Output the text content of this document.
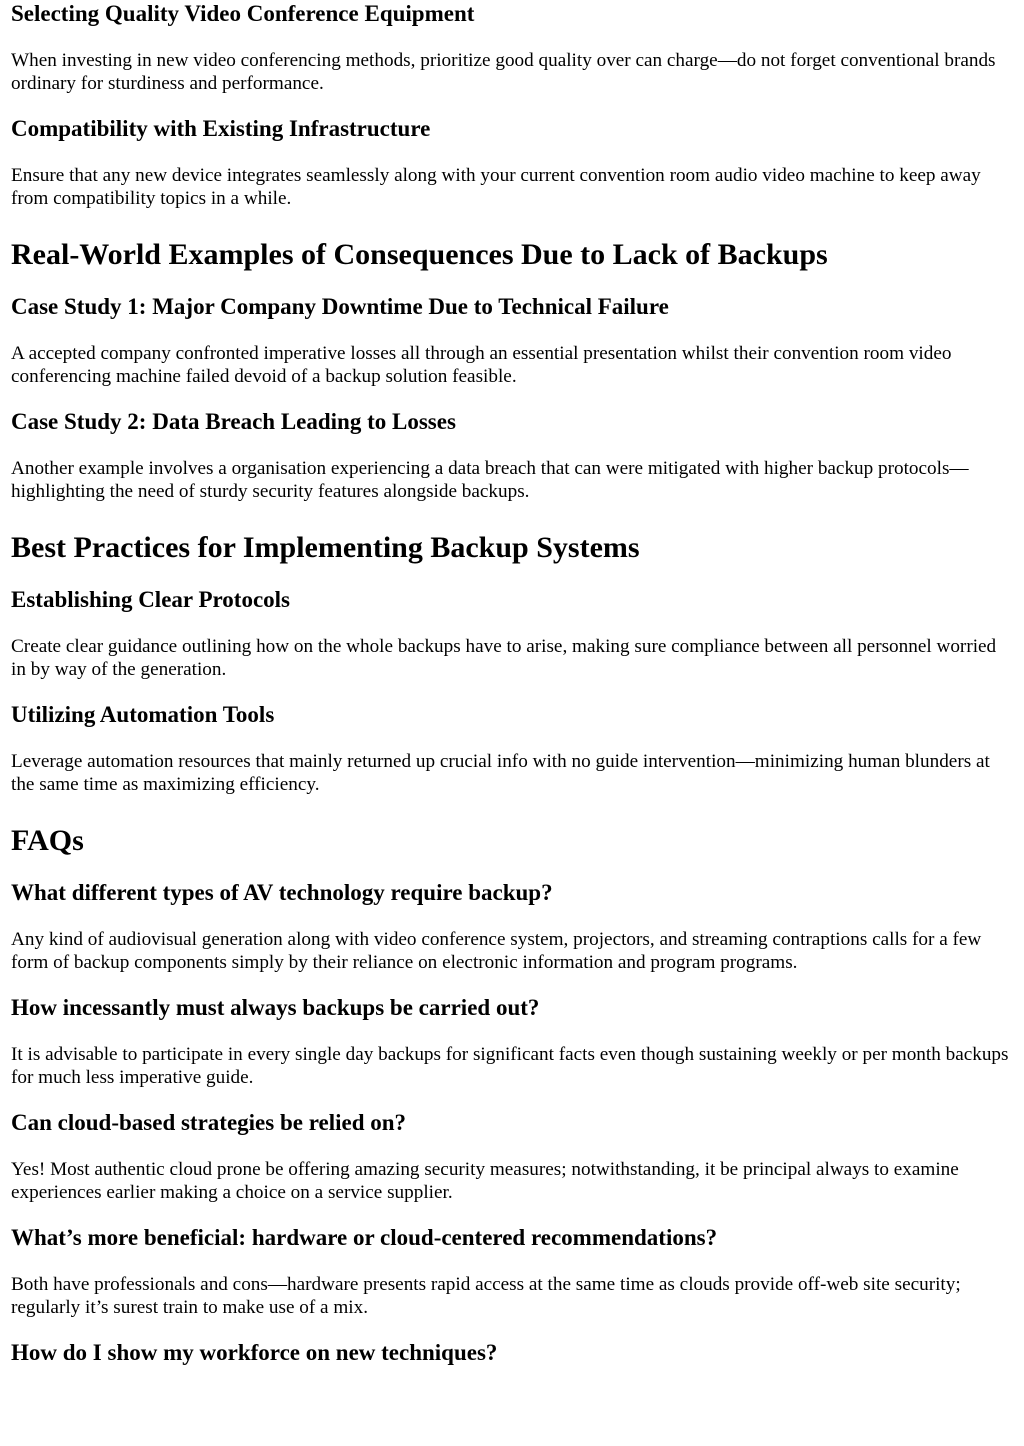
Selecting Quality Video Conference Equipment

When investing in new video conferencing methods, prioritize good quality over can charge—do not forget conventional brands ordinary for sturdiness and performance.

Compatibility with Existing Infrastructure

Ensure that any new device integrates seamlessly along with your current convention room audio video machine to keep away from compatibility topics in a while.

Real-World Examples of Consequences Due to Lack of Backups
Case Study 1: Major Company Downtime Due to Technical Failure

A accepted company confronted imperative losses all through an essential presentation whilst their convention room video conferencing machine failed devoid of a backup solution feasible.

Case Study 2: Data Breach Leading to Losses

Another example involves a organisation experiencing a data breach that can were mitigated with higher backup protocols—highlighting the need of sturdy security features alongside backups.

Best Practices for Implementing Backup Systems
Establishing Clear Protocols

Create clear guidance outlining how on the whole backups have to arise, making sure compliance between all personnel worried in by way of the generation.

Utilizing Automation Tools

Leverage automation resources that mainly returned up crucial info with no guide intervention—minimizing human blunders at the same time as maximizing efficiency.

FAQs
What different types of AV technology require backup?

Any kind of audiovisual generation along with video conference system, projectors, and streaming contraptions calls for a few form of backup components simply by their reliance on electronic information and program programs.

How incessantly must always backups be carried out?

It is advisable to participate in every single day backups for significant facts even though sustaining weekly or per month backups for much less imperative guide.

Can cloud-based strategies be relied on?

Yes! Most authentic cloud prone be offering amazing security measures; notwithstanding, it be principal always to examine experiences earlier making a choice on a service supplier.

What’s more beneficial: hardware or cloud-centered recommendations?

Both have professionals and cons—hardware presents rapid access at the same time as clouds provide off-web site security; regularly it’s surest train to make use of a mix.

How do I show my workforce on new techniques?
